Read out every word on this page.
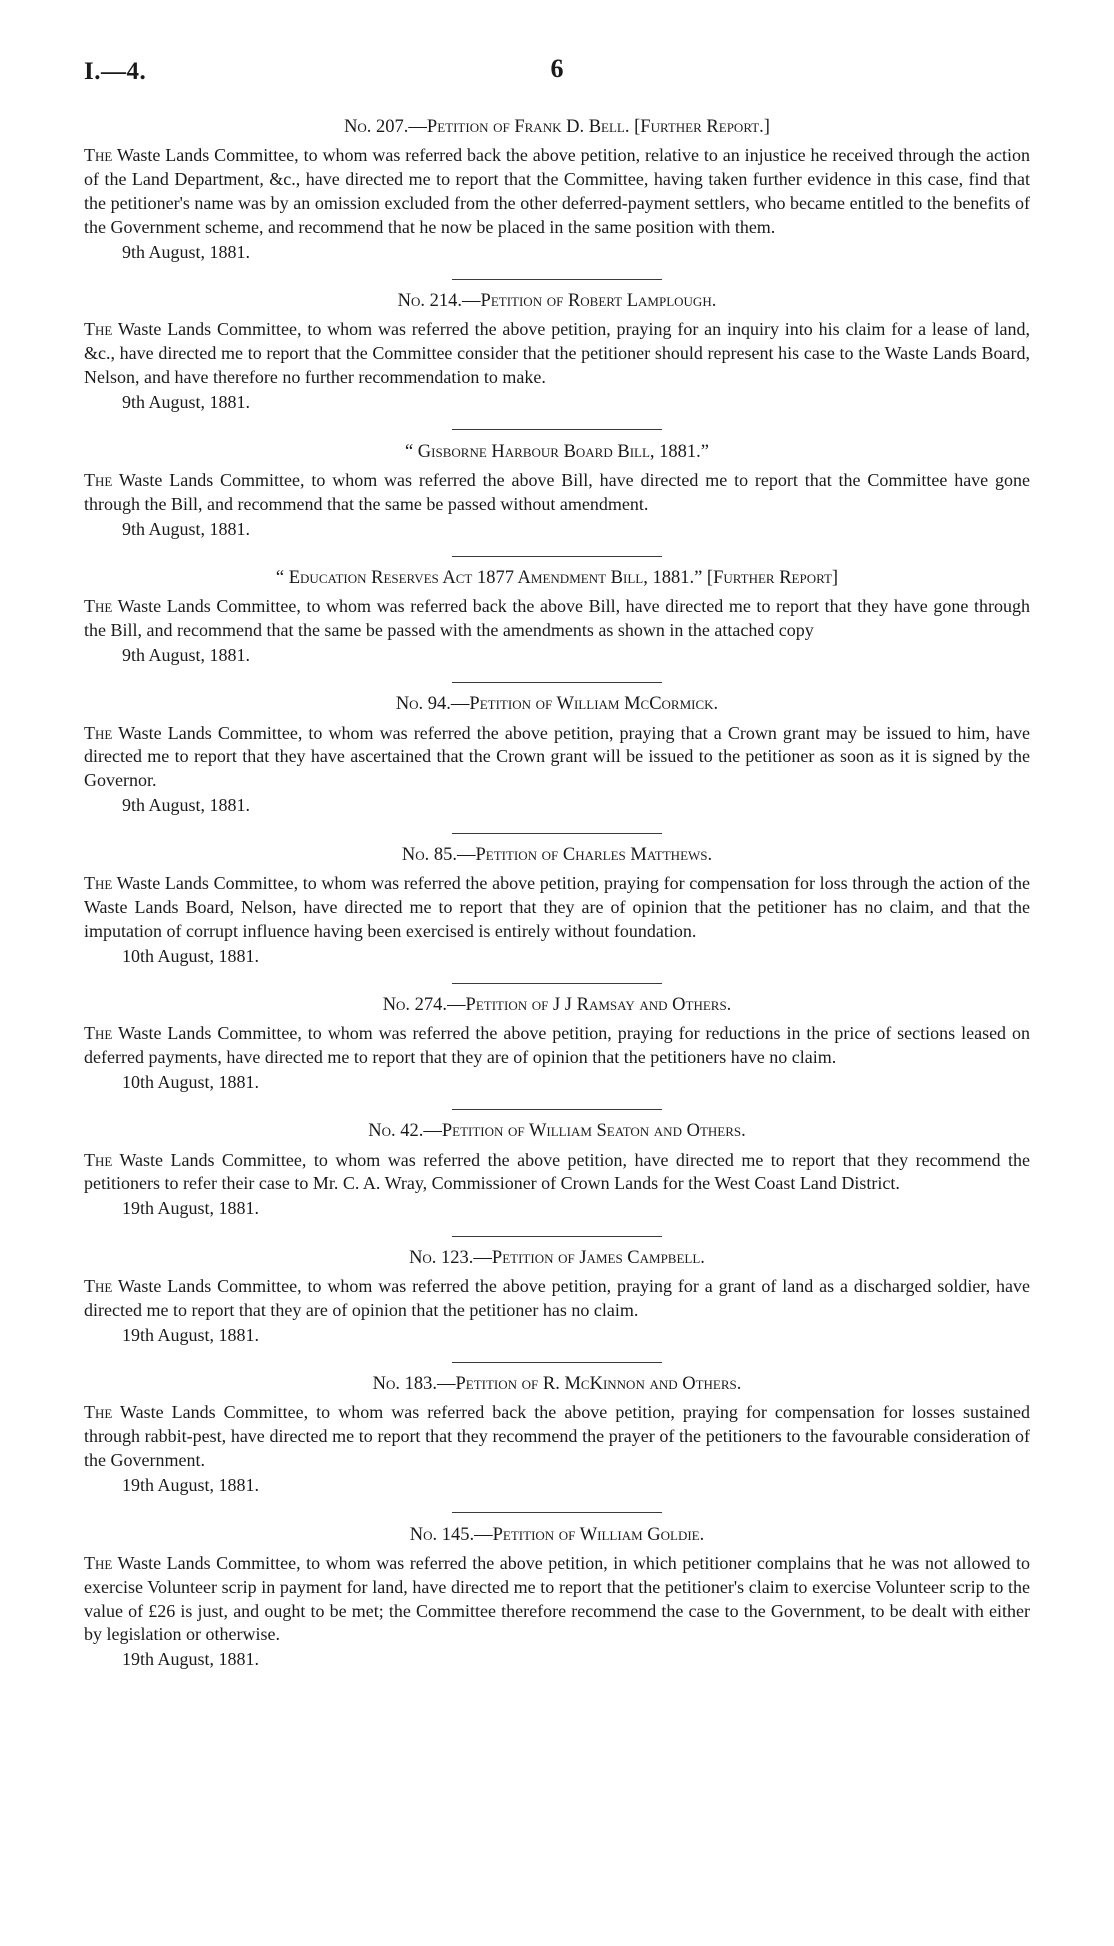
I.—4.	6
No. 207.—Petition of Frank D. Bell. [Further Report.]

The Waste Lands Committee, to whom was referred back the above petition, relative to an injustice he received through the action of the Land Department, &c., have directed me to report that the Committee, having taken further evidence in this case, find that the petitioner's name was by an omission excluded from the other deferred-payment settlers, who became entitled to the benefits of the Government scheme, and recommend that he now be placed in the same position with them.

9th August, 1881.
No. 214.—Petition of Robert Lamplough.

The Waste Lands Committee, to whom was referred the above petition, praying for an inquiry into his claim for a lease of land, &c., have directed me to report that the Committee consider that the petitioner should represent his case to the Waste Lands Board, Nelson, and have therefore no further recommendation to make.

9th August, 1881.
“ Gisborne Harbour Board Bill, 1881.”

The Waste Lands Committee, to whom was referred the above Bill, have directed me to report that the Committee have gone through the Bill, and recommend that the same be passed without amendment.

9th August, 1881.
“ Education Reserves Act 1877 Amendment Bill, 1881.” [Further Report]

The Waste Lands Committee, to whom was referred back the above Bill, have directed me to report that they have gone through the Bill, and recommend that the same be passed with the amendments as shown in the attached copy

9th August, 1881.
No. 94.—Petition of William McCormick.

The Waste Lands Committee, to whom was referred the above petition, praying that a Crown grant may be issued to him, have directed me to report that they have ascertained that the Crown grant will be issued to the petitioner as soon as it is signed by the Governor.

9th August, 1881.
No. 85.—Petition of Charles Matthews.

The Waste Lands Committee, to whom was referred the above petition, praying for compensation for loss through the action of the Waste Lands Board, Nelson, have directed me to report that they are of opinion that the petitioner has no claim, and that the imputation of corrupt influence having been exercised is entirely without foundation.

10th August, 1881.
No. 274.—Petition of J J Ramsay and Others.

The Waste Lands Committee, to whom was referred the above petition, praying for reductions in the price of sections leased on deferred payments, have directed me to report that they are of opinion that the petitioners have no claim.

10th August, 1881.
No. 42.—Petition of William Seaton and Others.

The Waste Lands Committee, to whom was referred the above petition, have directed me to report that they recommend the petitioners to refer their case to Mr. C. A. Wray, Commissioner of Crown Lands for the West Coast Land District.

19th August, 1881.
No. 123.—Petition of James Campbell.

The Waste Lands Committee, to whom was referred the above petition, praying for a grant of land as a discharged soldier, have directed me to report that they are of opinion that the petitioner has no claim.

19th August, 1881.
No. 183.—Petition of R. McKinnon and Others.

The Waste Lands Committee, to whom was referred back the above petition, praying for compensation for losses sustained through rabbit-pest, have directed me to report that they recommend the prayer of the petitioners to the favourable consideration of the Government.

19th August, 1881.
No. 145.—Petition of William Goldie.

The Waste Lands Committee, to whom was referred the above petition, in which petitioner complains that he was not allowed to exercise Volunteer scrip in payment for land, have directed me to report that the petitioner's claim to exercise Volunteer scrip to the value of £26 is just, and ought to be met; the Committee therefore recommend the case to the Government, to be dealt with either by legislation or otherwise.

19th August, 1881.
